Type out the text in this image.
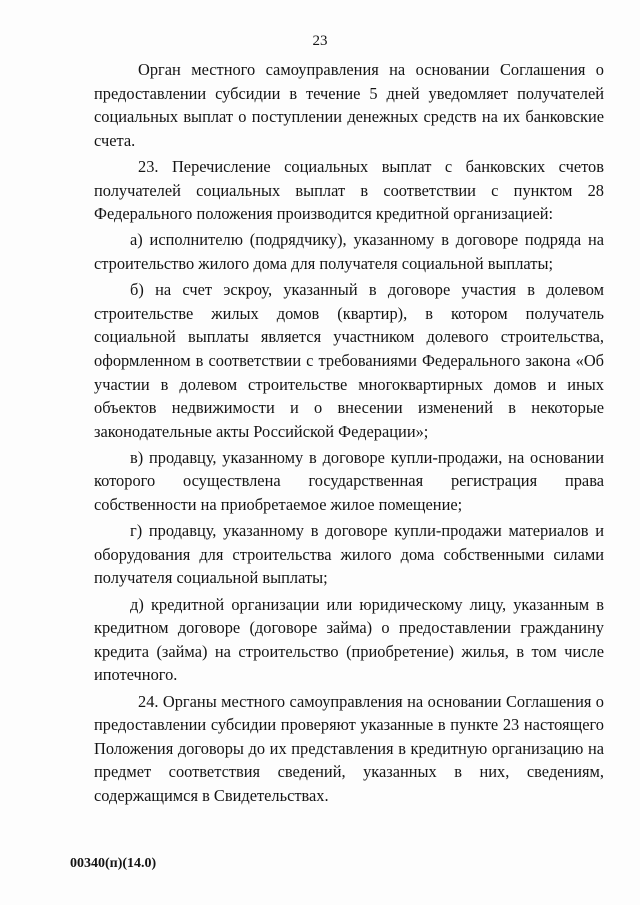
23

Орган местного самоуправления на основании Соглашения о предоставлении субсидии в течение 5 дней уведомляет получателей социальных выплат о поступлении денежных средств на их банковские счета.

23. Перечисление социальных выплат с банковских счетов получателей социальных выплат в соответствии с пунктом 28 Федерального положения производится кредитной организацией:

а) исполнителю (подрядчику), указанному в договоре подряда на строительство жилого дома для получателя социальной выплаты;

б) на счет эскроу, указанный в договоре участия в долевом строительстве жилых домов (квартир), в котором получатель социальной выплаты является участником долевого строительства, оформленном в соответствии с требованиями Федерального закона «Об участии в долевом строительстве многоквартирных домов и иных объектов недвижимости и о внесении изменений в некоторые законодательные акты Российской Федерации»;

в) продавцу, указанному в договоре купли-продажи, на основании которого осуществлена государственная регистрация права собственности на приобретаемое жилое помещение;

г) продавцу, указанному в договоре купли-продажи материалов и оборудования для строительства жилого дома собственными силами получателя социальной выплаты;

д) кредитной организации или юридическому лицу, указанным в кредитном договоре (договоре займа) о предоставлении гражданину кредита (займа) на строительство (приобретение) жилья, в том числе ипотечного.

24. Органы местного самоуправления на основании Соглашения о предоставлении субсидии проверяют указанные в пункте 23 настоящего Положения договоры до их представления в кредитную организацию на предмет соответствия сведений, указанных в них, сведениям, содержащимся в Свидетельствах.

00340(п)(14.0)
